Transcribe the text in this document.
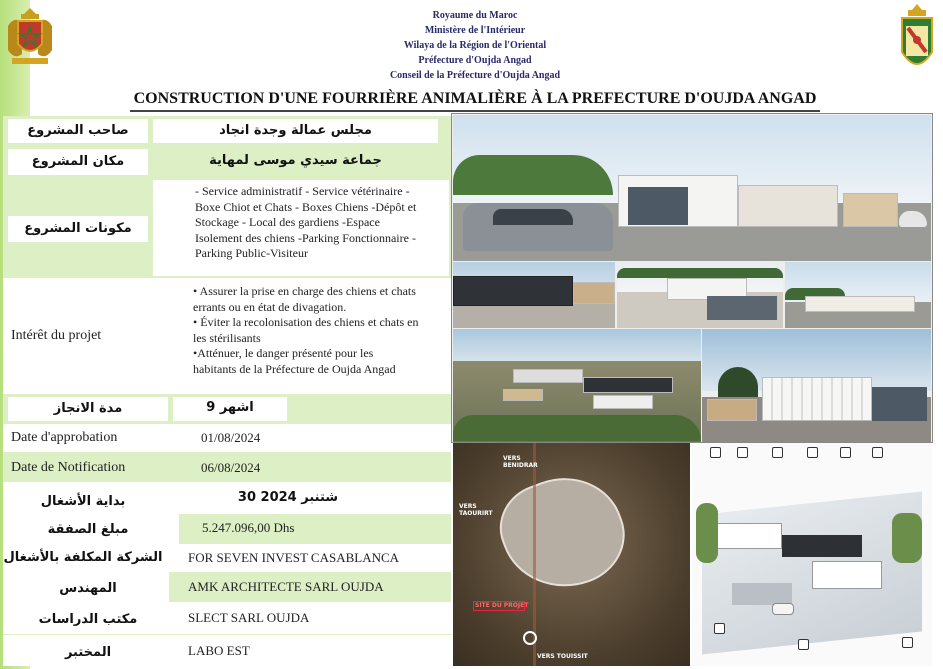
Royaume du Maroc
Ministère de l'Intérieur
Wilaya de la Région de l'Oriental
Préfecture d'Oujda Angad
Conseil de la Préfecture d'Oujda Angad
CONSTRUCTION D'UNE FOURRIÈRE ANIMALIÈRE À LA PREFECTURE D'OUJDA ANGAD
صاحب المشروع	مجلس عمالة وجدة انجاد
مكان المشروع	جماعة سيدي موسى لمهاية
مكونات المشروع
- Service administratif - Service vétérinaire -
Boxe Chiot et Chats - Boxes Chiens -Dépôt et
Stockage - Local des gardiens -Espace
Isolement des chiens -Parking Fonctionnaire -
Parking Public-Visiteur
Intérêt du projet
• Assurer la prise en charge des chiens et chats
errants ou en état de divagation.
• Éviter la recolonisation des chiens et chats en
les stérilisants
•Atténuer, le danger présenté pour les
habitants de la Préfecture de Oujda Angad
مدة الانجاز	9 اشهر
Date d'approbation	01/08/2024
Date de Notification	06/08/2024
بداية الأشغال	30 شتنبر 2024
مبلغ الصفقة	5.247.096,00 Dhs
الشركة المكلفة بالأشغال FOR SEVEN INVEST CASABLANCA
المهندس	AMK ARCHITECTE SARL OUJDA
مكتب الدراسات	SLECT SARL OUJDA
المختبر	LABO EST
VERS BENIDRAR
VERS TAOURIRT
SITE DU PROJET
VERS TOUISSIT
